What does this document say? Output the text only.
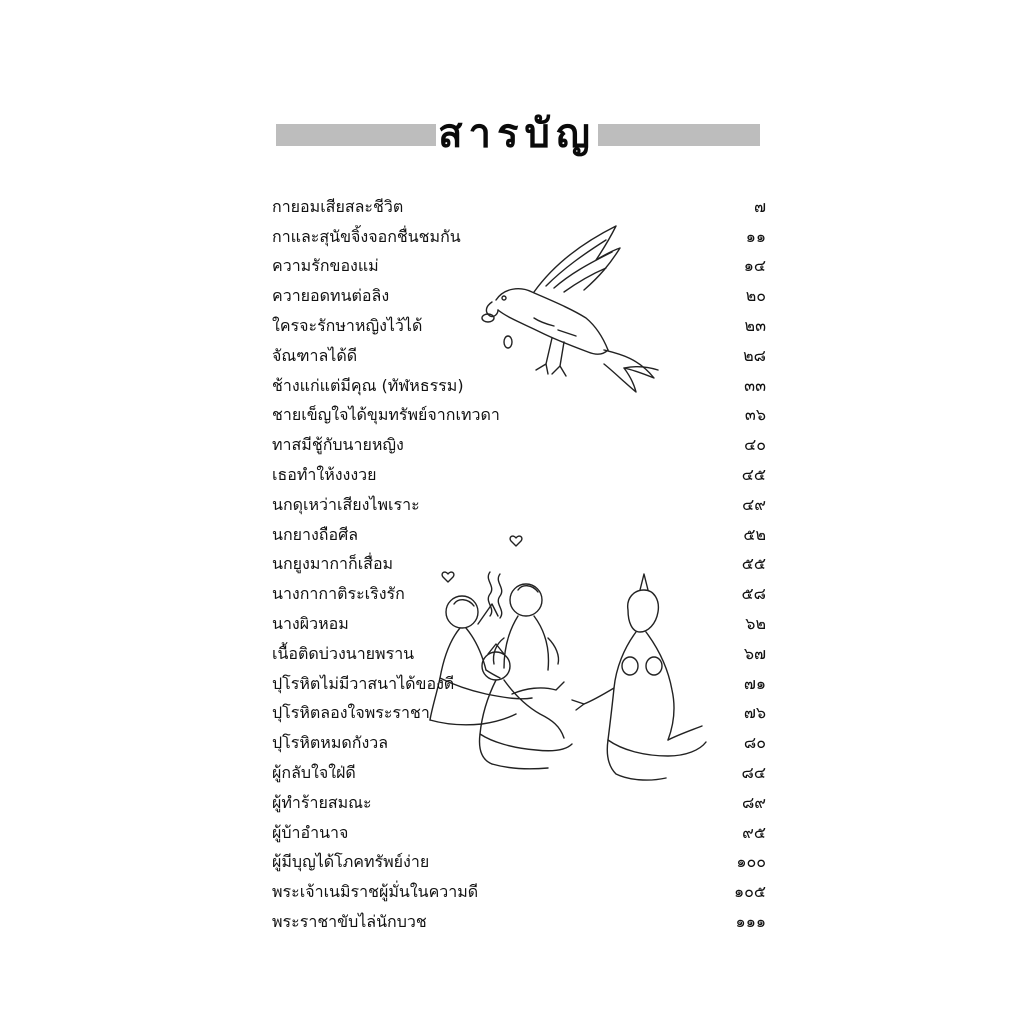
สารบัญ
กายอมเสียสละชีวิต	๗
กาและสุนัขจิ้งจอกชื่นชมกัน	๑๑
ความรักของแม่	๑๔
ควายอดทนต่อลิง	๒๐
ใครจะรักษาหญิงไว้ได้	๒๓
จัณฑาลได้ดี	๒๘
ช้างแก่แต่มีคุณ (ทัฬหธรรม)	๓๓
ชายเข็ญใจได้ขุมทรัพย์จากเทวดา	๓๖
ทาสมีชู้กับนายหญิง	๔๐
เธอทำให้งงงวย	๔๕
นกดุเหว่าเสียงไพเราะ	๔๙
นกยางถือศีล	๕๒
นกยูงมากาก็เสื่อม	๕๕
นางกากาติระเริงรัก	๕๘
นางผิวหอม	๖๒
เนื้อติดบ่วงนายพราน	๖๗
ปุโรหิตไม่มีวาสนาได้ของดี	๗๑
ปุโรหิตลองใจพระราชา	๗๖
ปุโรหิตหมดกังวล	๘๐
ผู้กลับใจใฝ่ดี	๘๔
ผู้ทำร้ายสมณะ	๘๙
ผู้บ้าอำนาจ	๙๕
ผู้มีบุญได้โภคทรัพย์ง่าย	๑๐๐
พระเจ้าเนมิราชผู้มั่นในความดี	๑๐๕
พระราชาขับไล่นักบวช	๑๑๑
